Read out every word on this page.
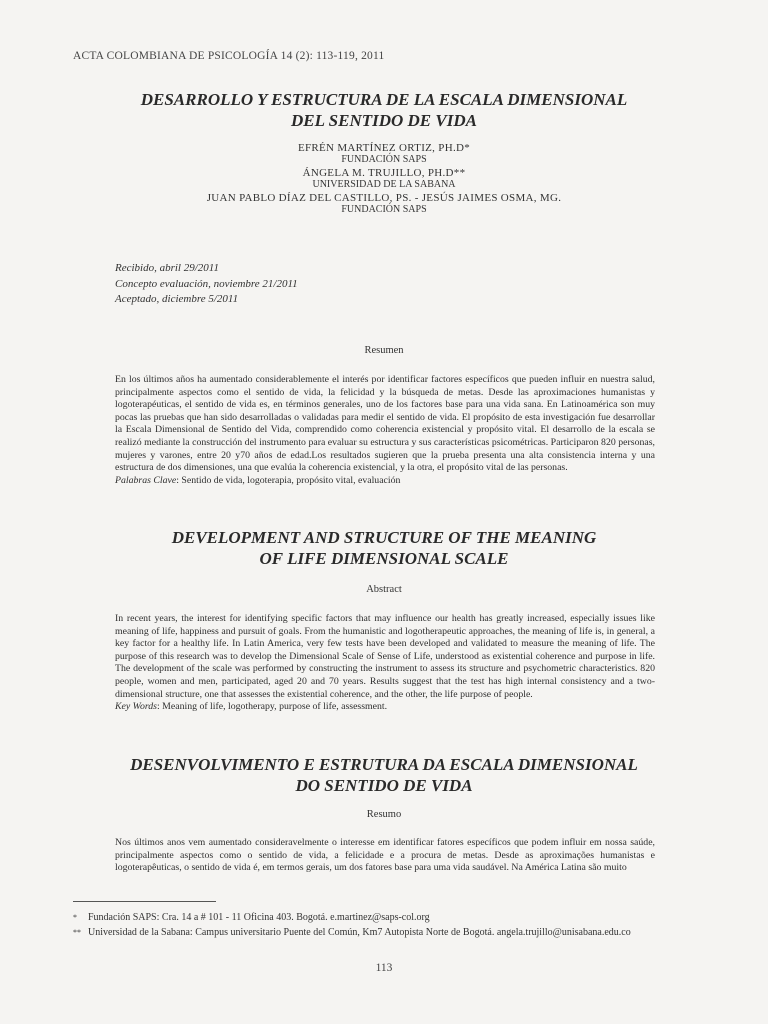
ACTA COLOMBIANA DE PSICOLOGÍA 14 (2): 113-119, 2011
DESARROLLO Y ESTRUCTURA DE LA ESCALA DIMENSIONAL
DEL SENTIDO DE VIDA
EFRÉN MARTÍNEZ ORTIZ, PH.D*
FUNDACIÓN SAPS
ÁNGELA M. TRUJILLO, PH.D**
UNIVERSIDAD DE LA SABANA
JUAN PABLO DÍAZ DEL CASTILLO, PS. - JESÚS JAIMES OSMA, MG.
FUNDACIÓN SAPS
Recibido, abril 29/2011
Concepto evaluación, noviembre 21/2011
Aceptado, diciembre 5/2011
Resumen
En los últimos años ha aumentado considerablemente el interés por identificar factores específicos que pueden influir en nuestra salud, principalmente aspectos como el sentido de vida, la felicidad y la búsqueda de metas. Desde las aproximaciones humanistas y logoterapéuticas, el sentido de vida es, en términos generales, uno de los factores base para una vida sana. En Latinoamérica son muy pocas las pruebas que han sido desarrolladas o validadas para medir el sentido de vida. El propósito de esta investigación fue desarrollar la Escala Dimensional de Sentido del Vida, comprendido como coherencia existencial y propósito vital. El desarrollo de la escala se realizó mediante la construcción del instrumento para evaluar su estructura y sus características psicométricas. Participaron 820 personas, mujeres y varones, entre 20 y70 años de edad.Los resultados sugieren que la prueba presenta una alta consistencia interna y una estructura de dos dimensiones, una que evalúa la coherencia existencial, y la otra, el propósito vital de las personas.
Palabras Clave: Sentido de vida, logoterapia, propósito vital, evaluación
DEVELOPMENT AND STRUCTURE OF THE MEANING
OF LIFE DIMENSIONAL SCALE
Abstract
In recent years, the interest for identifying specific factors that may influence our health has greatly increased, especially issues like meaning of life, happiness and pursuit of goals. From the humanistic and logotherapeutic approaches, the meaning of life is, in general, a key factor for a healthy life. In Latin America, very few tests have been developed and validated to measure the meaning of life. The purpose of this research was to develop the Dimensional Scale of Sense of Life, understood as existential coherence and purpose in life. The development of the scale was performed by constructing the instrument to assess its structure and psychometric characteristics. 820 people, women and men, participated, aged 20 and 70 years. Results suggest that the test has high internal consistency and a two-dimensional structure, one that assesses the existential coherence, and the other, the life purpose of people.
Key Words: Meaning of life, logotherapy, purpose of life, assessment.
DESENVOLVIMENTO E ESTRUTURA DA ESCALA DIMENSIONAL
DO SENTIDO DE VIDA
Resumo
Nos últimos anos vem aumentado consideravelmente o interesse em identificar fatores específicos que podem influir em nossa saúde, principalmente aspectos como o sentido de vida, a felicidade e a procura de metas. Desde as aproximações humanistas e logoterapêuticas, o sentido de vida é, em termos gerais, um dos fatores base para uma vida saudável. Na América Latina são muito
* Fundación SAPS: Cra. 14 a # 101 - 11 Oficina 403. Bogotá. e.martinez@saps-col.org
** Universidad de la Sabana: Campus universitario Puente del Común, Km7 Autopista Norte de Bogotá. angela.trujillo@unisabana.edu.co
113
